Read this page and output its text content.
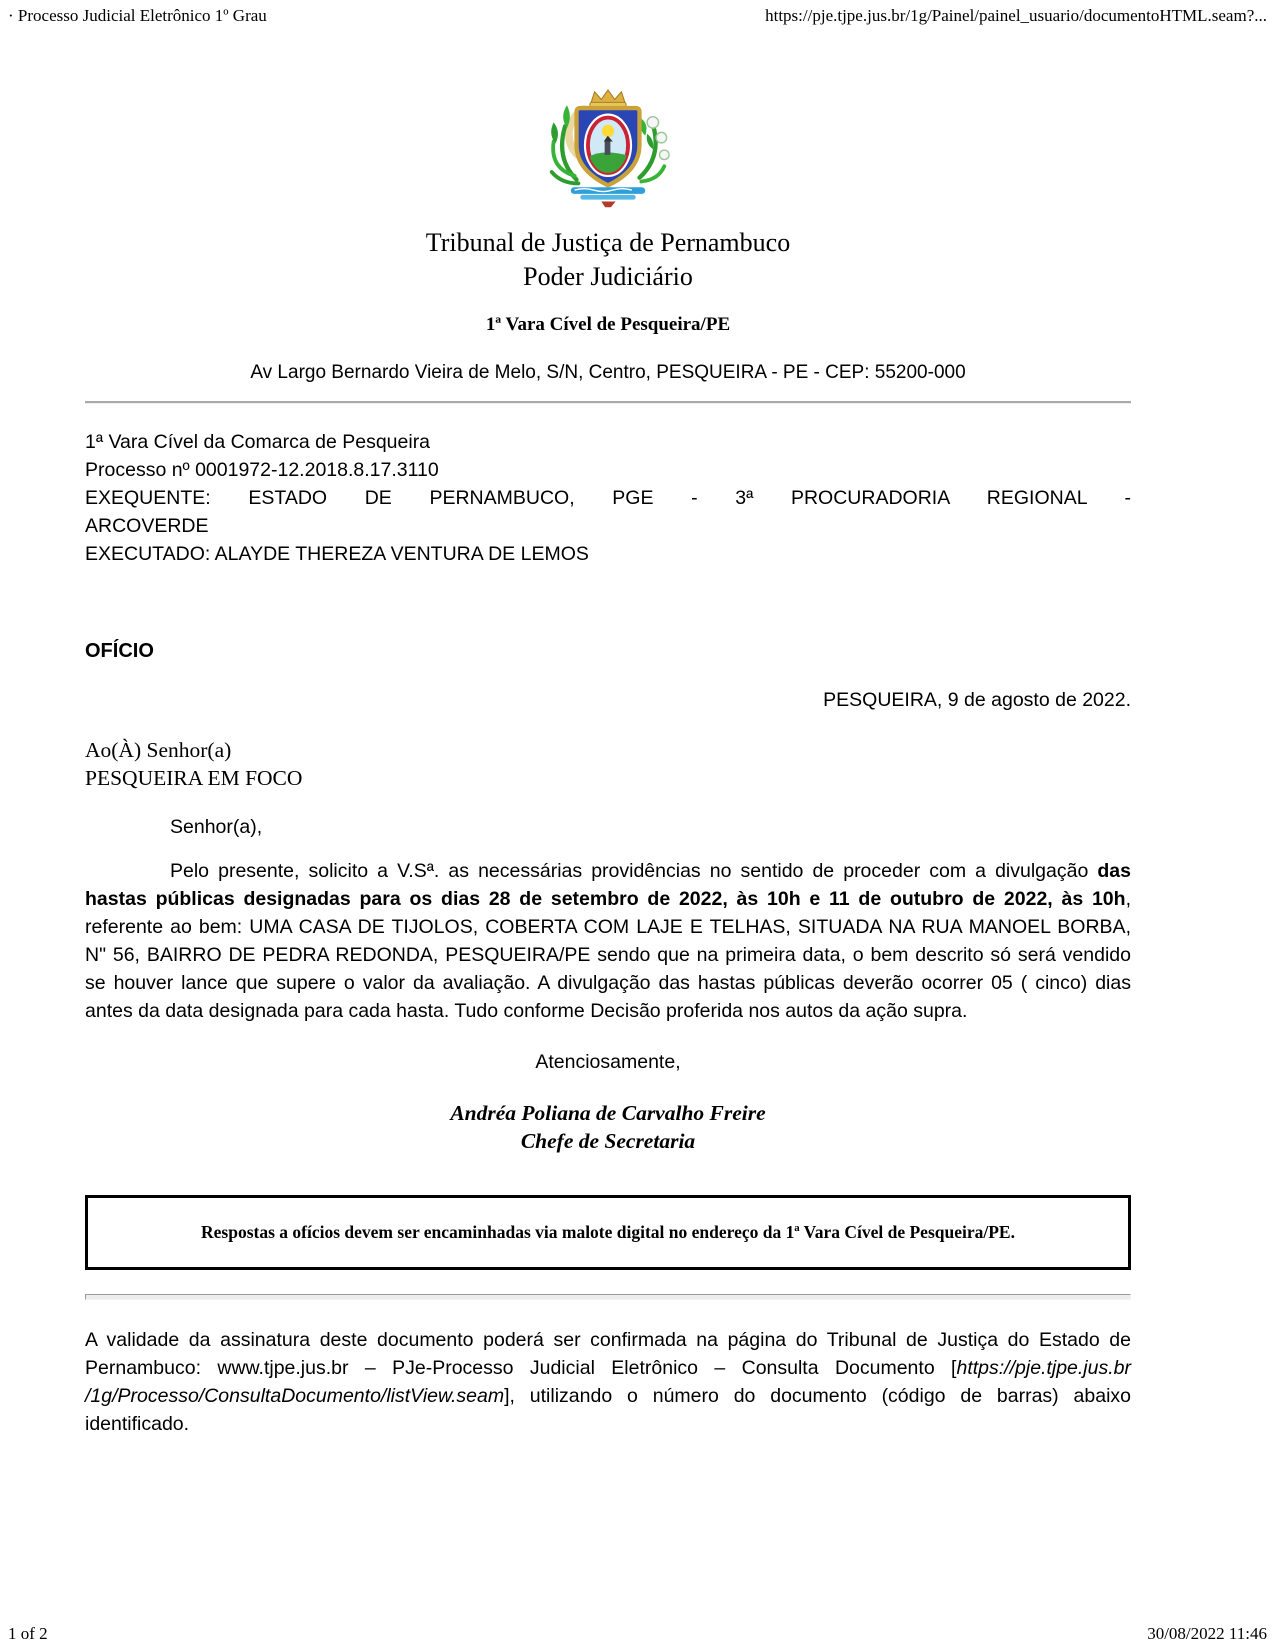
· Processo Judicial Eletrônico 1º Grau	https://pje.tjpe.jus.br/1g/Painel/painel_usuario/documentoHTML.seam?...
Tribunal de Justiça de Pernambuco
Poder Judiciário
1ª Vara Cível de Pesqueira/PE
Av Largo Bernardo Vieira de Melo, S/N, Centro, PESQUEIRA - PE - CEP: 55200-000
1ª Vara Cível da Comarca de Pesqueira
Processo nº 0001972-12.2018.8.17.3110
EXEQUENTE: ESTADO DE PERNAMBUCO, PGE - 3ª PROCURADORIA REGIONAL -
ARCOVERDE
EXECUTADO: ALAYDE THEREZA VENTURA DE LEMOS
OFÍCIO
PESQUEIRA, 9 de agosto de 2022.
Ao(À) Senhor(a)
PESQUEIRA EM FOCO
Senhor(a),

Pelo presente, solicito a V.Sª. as necessárias providências no sentido de proceder com a divulgação das hastas públicas designadas para os dias 28 de setembro de 2022, às 10h e 11 de outubro de 2022, às 10h, referente ao bem: UMA CASA DE TIJOLOS, COBERTA COM LAJE E TELHAS, SITUADA NA RUA MANOEL BORBA, N" 56, BAIRRO DE PEDRA REDONDA, PESQUEIRA/PE sendo que na primeira data, o bem descrito só será vendido se houver lance que supere o valor da avaliação. A divulgação das hastas públicas deverão ocorrer 05 ( cinco) dias antes da data designada para cada hasta. Tudo conforme Decisão proferida nos autos da ação supra.

Atenciosamente,
Andréa Poliana de Carvalho Freire
Chefe de Secretaria
Respostas a ofícios devem ser encaminhadas via malote digital no endereço da 1ª Vara Cível de Pesqueira/PE.

A validade da assinatura deste documento poderá ser confirmada na página do Tribunal de Justiça do Estado de Pernambuco: www.tjpe.jus.br – PJe-Processo Judicial Eletrônico – Consulta Documento [https://pje.tjpe.jus.br /1g/Processo/ConsultaDocumento/listView.seam], utilizando o número do documento (código de barras) abaixo identificado.

1 of 2	30/08/2022 11:46
